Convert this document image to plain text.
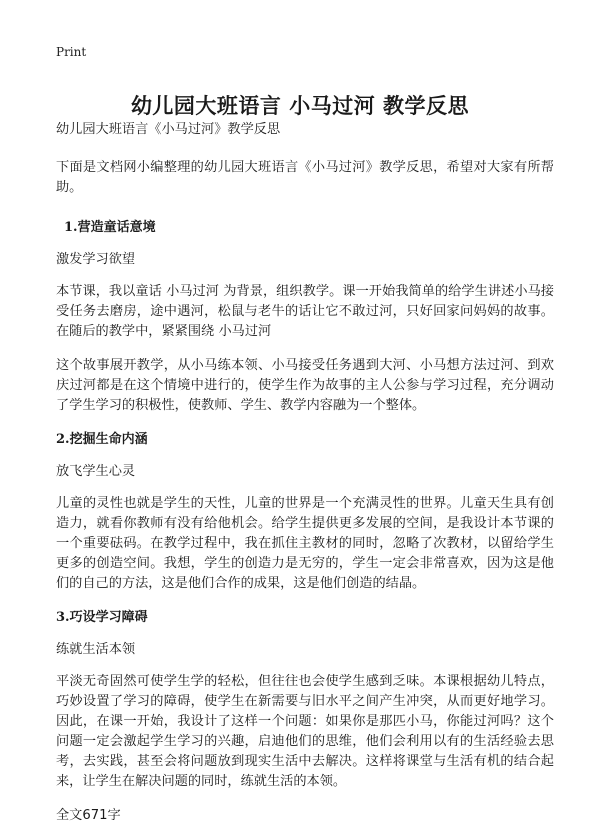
Print
幼儿园大班语言 小马过河 教学反思

幼儿园大班语言《小马过河》教学反思

下面是文档网小编整理的幼儿园大班语言《小马过河》教学反思，希望对大家有所帮助。

1.营造童话意境

激发学习欲望

本节课，我以童话 小马过河 为背景，组织教学。课一开始我简单的给学生讲述小马接受任务去磨房，途中遇河，松鼠与老牛的话让它不敢过河，只好回家问妈妈的故事。在随后的教学中，紧紧围绕 小马过河

这个故事展开教学，从小马练本领、小马接受任务遇到大河、小马想方法过河、到欢庆过河都是在这个情境中进行的，使学生作为故事的主人公参与学习过程，充分调动了学生学习的积极性，使教师、学生、教学内容融为一个整体。

2.挖掘生命内涵

放飞学生心灵

儿童的灵性也就是学生的天性，儿童的世界是一个充满灵性的世界。儿童天生具有创造力，就看你教师有没有给他机会。给学生提供更多发展的空间，是我设计本节课的一个重要砝码。在教学过程中，我在抓住主教材的同时，忽略了次教材，以留给学生更多的创造空间。我想，学生的创造力是无穷的，学生一定会非常喜欢，因为这是他们的自己的方法，这是他们合作的成果，这是他们创造的结晶。

3.巧设学习障碍

练就生活本领

平淡无奇固然可使学生学的轻松，但往往也会使学生感到乏味。本课根据幼儿特点，巧妙设置了学习的障碍，使学生在新需要与旧水平之间产生冲突，从而更好地学习。因此，在课一开始，我设计了这样一个问题：如果你是那匹小马，你能过河吗？这个问题一定会激起学生学习的兴趣，启迪他们的思维，他们会利用以有的生活经验去思考，去实践，甚至会将问题放到现实生活中去解决。这样将课堂与生活有机的结合起来，让学生在解决问题的同时，练就生活的本领。

全文671字
